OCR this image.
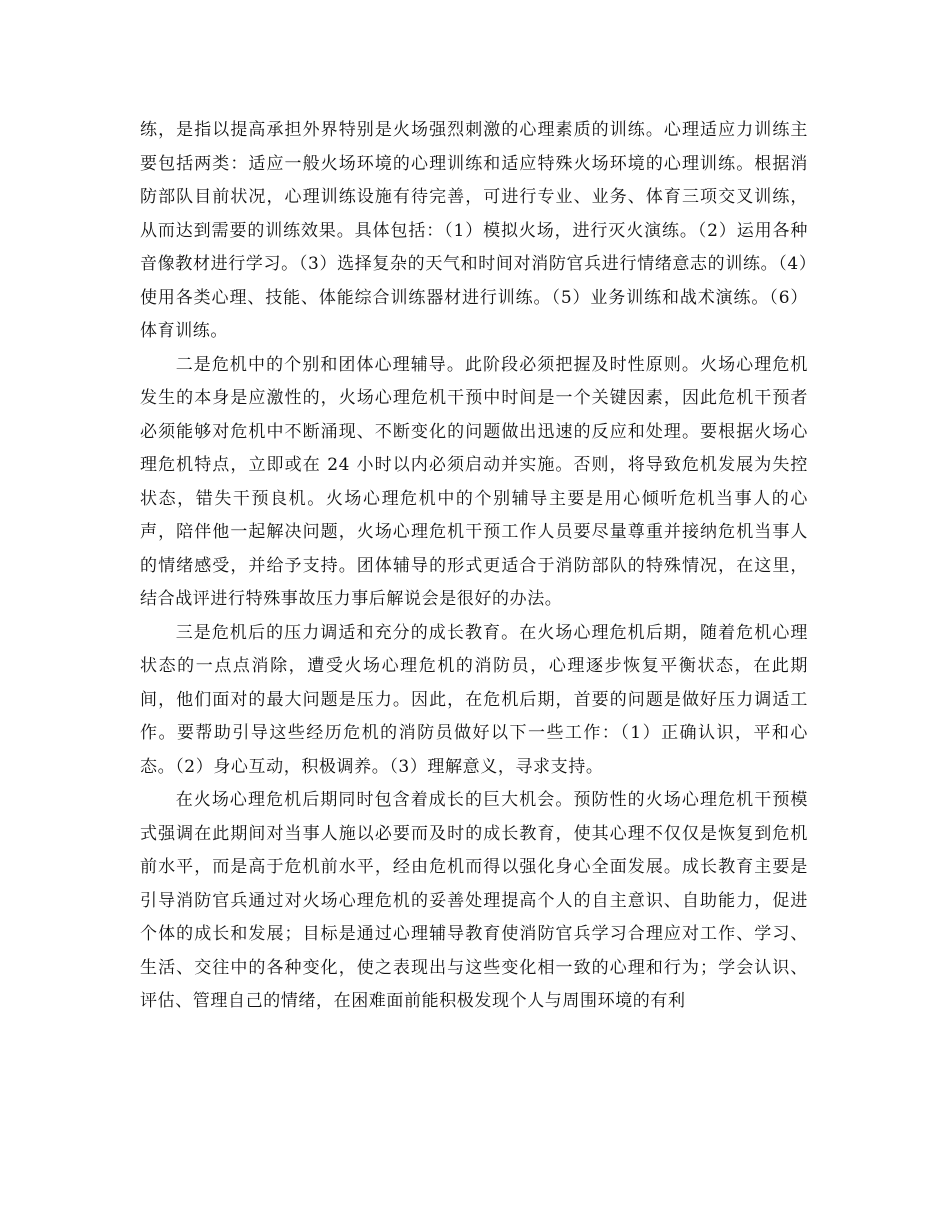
练，是指以提高承担外界特别是火场强烈刺激的心理素质的训练。心理适应力训练主要包括两类：适应一般火场环境的心理训练和适应特殊火场环境的心理训练。根据消防部队目前状况，心理训练设施有待完善，可进行专业、业务、体育三项交叉训练，从而达到需要的训练效果。具体包括：（1）模拟火场，进行灭火演练。（2）运用各种音像教材进行学习。（3）选择复杂的天气和时间对消防官兵进行情绪意志的训练。（4）使用各类心理、技能、体能综合训练器材进行训练。（5）业务训练和战术演练。（6）体育训练。

二是危机中的个别和团体心理辅导。此阶段必须把握及时性原则。火场心理危机发生的本身是应激性的，火场心理危机干预中时间是一个关键因素，因此危机干预者必须能够对危机中不断涌现、不断变化的问题做出迅速的反应和处理。要根据火场心理危机特点，立即或在 24 小时以内必须启动并实施。否则，将导致危机发展为失控状态，错失干预良机。火场心理危机中的个别辅导主要是用心倾听危机当事人的心声，陪伴他一起解决问题，火场心理危机干预工作人员要尽量尊重并接纳危机当事人的情绪感受，并给予支持。团体辅导的形式更适合于消防部队的特殊情况，在这里，结合战评进行特殊事故压力事后解说会是很好的办法。

三是危机后的压力调适和充分的成长教育。在火场心理危机后期，随着危机心理状态的一点点消除，遭受火场心理危机的消防员，心理逐步恢复平衡状态，在此期间，他们面对的最大问题是压力。因此，在危机后期，首要的问题是做好压力调适工作。要帮助引导这些经历危机的消防员做好以下一些工作：（1）正确认识，平和心态。（2）身心互动，积极调养。（3）理解意义，寻求支持。

在火场心理危机后期同时包含着成长的巨大机会。预防性的火场心理危机干预模式强调在此期间对当事人施以必要而及时的成长教育，使其心理不仅仅是恢复到危机前水平，而是高于危机前水平，经由危机而得以强化身心全面发展。成长教育主要是引导消防官兵通过对火场心理危机的妥善处理提高个人的自主意识、自助能力，促进个体的成长和发展；目标是通过心理辅导教育使消防官兵学习合理应对工作、学习、生活、交往中的各种变化，使之表现出与这些变化相一致的心理和行为；学会认识、评估、管理自己的情绪，在困难面前能积极发现个人与周围环境的有利
